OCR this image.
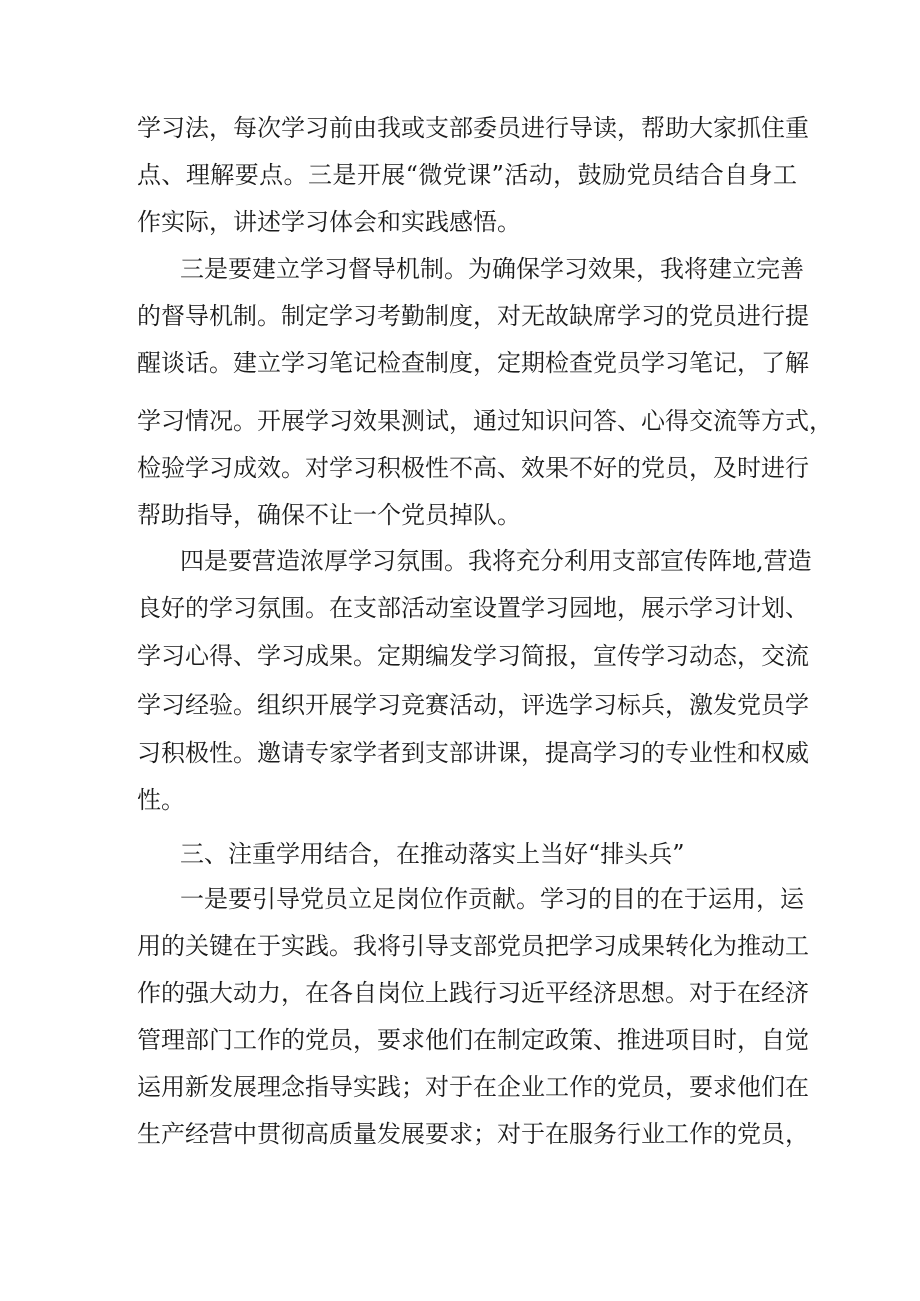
学习法，每次学习前由我或支部委员进行导读，帮助大家抓住重
点、理解要点。三是开展“微党课”活动，鼓励党员结合自身工
作实际，讲述学习体会和实践感悟。
三是要建立学习督导机制。为确保学习效果，我将建立完善
的督导机制。制定学习考勤制度，对无故缺席学习的党员进行提
醒谈话。建立学习笔记检查制度，定期检查党员学习笔记，了解
学习情况。开展学习效果测试，通过知识问答、心得交流等方式，
检验学习成效。对学习积极性不高、效果不好的党员，及时进行
帮助指导，确保不让一个党员掉队。
四是要营造浓厚学习氛围。我将充分利用支部宣传阵地,营造
良好的学习氛围。在支部活动室设置学习园地，展示学习计划、
学习心得、学习成果。定期编发学习简报，宣传学习动态，交流
学习经验。组织开展学习竞赛活动，评选学习标兵，激发党员学
习积极性。邀请专家学者到支部讲课，提高学习的专业性和权威
性。
三、注重学用结合，在推动落实上当好“排头兵”
一是要引导党员立足岗位作贡献。学习的目的在于运用，运
用的关键在于实践。我将引导支部党员把学习成果转化为推动工
作的强大动力，在各自岗位上践行习近平经济思想。对于在经济
管理部门工作的党员，要求他们在制定政策、推进项目时，自觉
运用新发展理念指导实践；对于在企业工作的党员，要求他们在
生产经营中贯彻高质量发展要求；对于在服务行业工作的党员，
